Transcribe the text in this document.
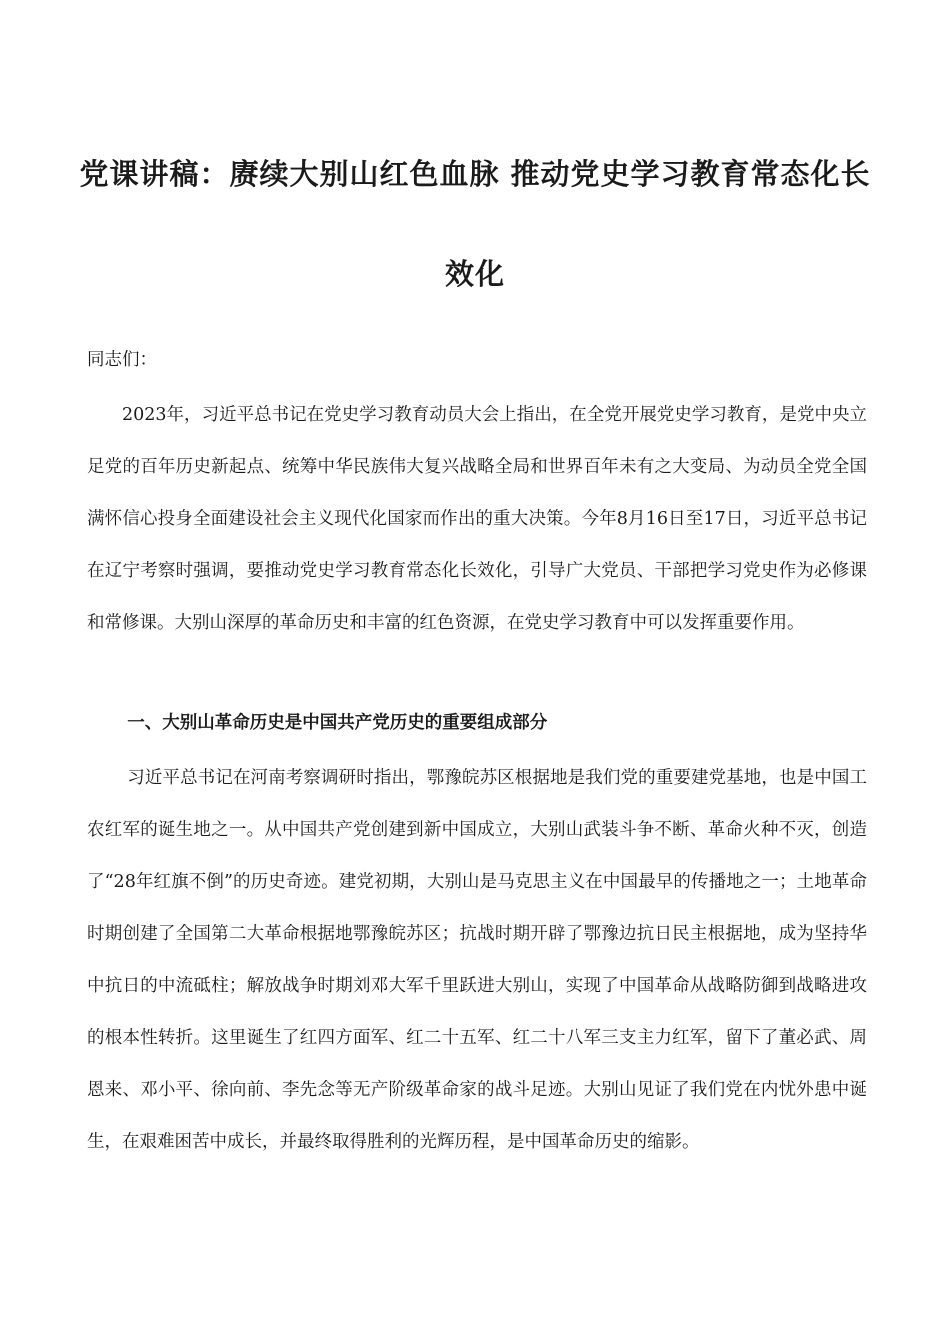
党课讲稿：赓续大别山红色血脉 推动党史学习教育常态化长
效化
同志们：
2023年，习近平总书记在党史学习教育动员大会上指出，在全党开展党史学习教育，是党中央立足党的百年历史新起点、统筹中华民族伟大复兴战略全局和世界百年未有之大变局、为动员全党全国满怀信心投身全面建设社会主义现代化国家而作出的重大决策。今年8月16日至17日，习近平总书记在辽宁考察时强调，要推动党史学习教育常态化长效化，引导广大党员、干部把学习党史作为必修课和常修课。大别山深厚的革命历史和丰富的红色资源，在党史学习教育中可以发挥重要作用。
一、大别山革命历史是中国共产党历史的重要组成部分
习近平总书记在河南考察调研时指出，鄂豫皖苏区根据地是我们党的重要建党基地，也是中国工农红军的诞生地之一。从中国共产党创建到新中国成立，大别山武装斗争不断、革命火种不灭，创造了“28年红旗不倒”的历史奇迹。建党初期，大别山是马克思主义在中国最早的传播地之一；土地革命时期创建了全国第二大革命根据地鄂豫皖苏区；抗战时期开辟了鄂豫边抗日民主根据地，成为坚持华中抗日的中流砥柱；解放战争时期刘邓大军千里跃进大别山，实现了中国革命从战略防御到战略进攻的根本性转折。这里诞生了红四方面军、红二十五军、红二十八军三支主力红军，留下了董必武、周恩来、邓小平、徐向前、李先念等无产阶级革命家的战斗足迹。大别山见证了我们党在内忧外患中诞生，在艰难困苦中成长，并最终取得胜利的光辉历程，是中国革命历史的缩影。
